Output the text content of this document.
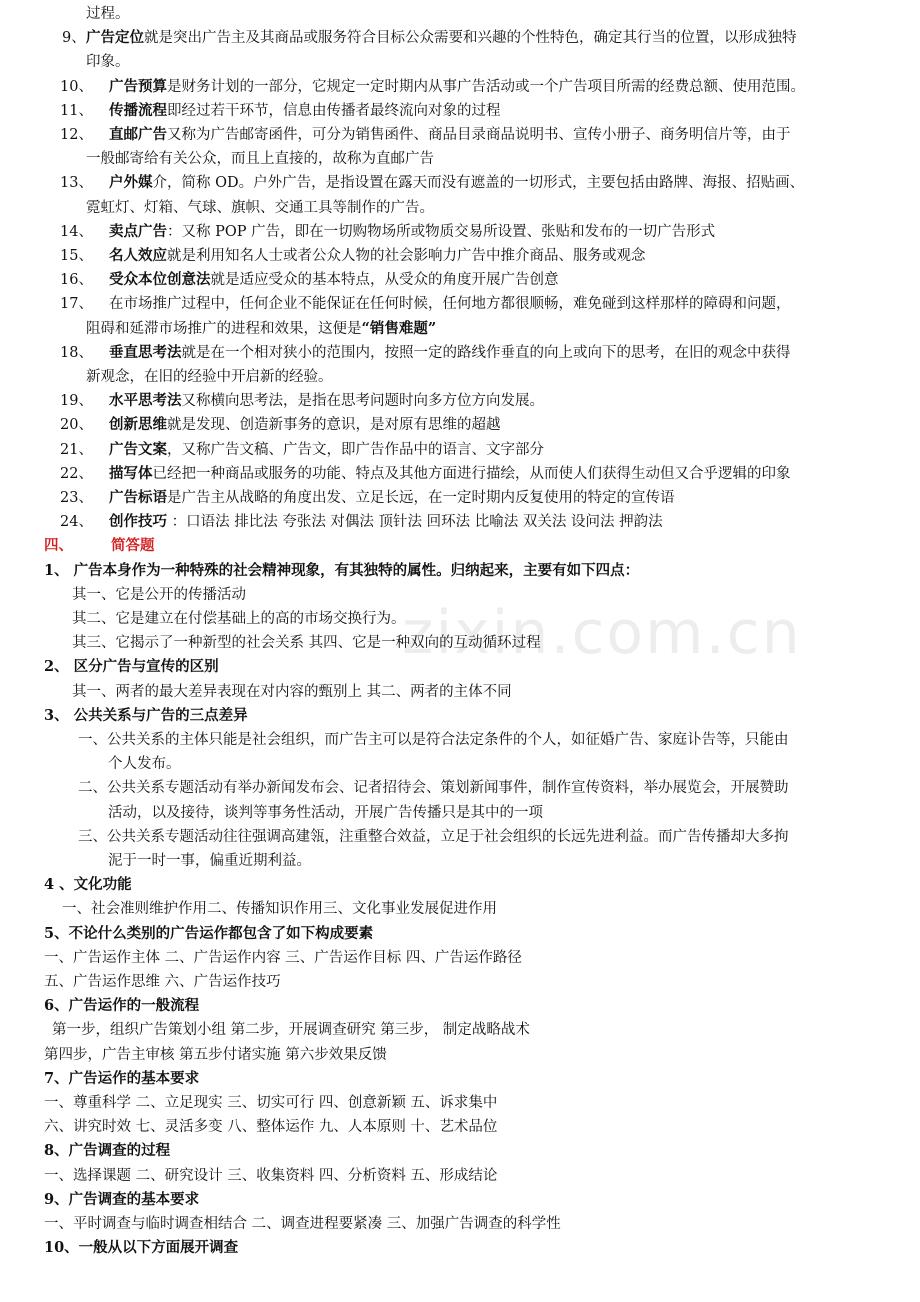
zixin.com.cn
过程。
9、 广告定位就是突出广告主及其商品或服务符合目标公众需要和兴趣的个性特色，确定其行当的位置，以形成独特
印象。
10、 广告预算是财务计划的一部分，它规定一定时期内从事广告活动或一个广告项目所需的经费总额、使用范围。
11、 传播流程即经过若干环节，信息由传播者最终流向对象的过程
12、 直邮广告又称为广告邮寄函件，可分为销售函件、商品目录商品说明书、宣传小册子、商务明信片等，由于
一般邮寄给有关公众，而且上直接的，故称为直邮广告
13、 户外媒介，简称 OD。户外广告，是指设置在露天而没有遮盖的一切形式，主要包括由路牌、海报、招贴画、
霓虹灯、灯箱、气球、旗帜、交通工具等制作的广告。
14、 卖点广告：又称 POP 广告，即在一切购物场所或物质交易所设置、张贴和发布的一切广告形式
15、 名人效应就是利用知名人士或者公众人物的社会影响力广告中推介商品、服务或观念
16、 受众本位创意法就是适应受众的基本特点，从受众的角度开展广告创意
17、 在市场推广过程中，任何企业不能保证在任何时候，任何地方都很顺畅，难免碰到这样那样的障碍和问题，
阻碍和延滞市场推广的进程和效果，这便是“销售难题”
18、 垂直思考法就是在一个相对狭小的范围内，按照一定的路线作垂直的向上或向下的思考，在旧的观念中获得
新观念，在旧的经验中开启新的经验。
19、 水平思考法又称横向思考法，是指在思考问题时向多方位方向发展。
20、 创新思维就是发现、创造新事务的意识，是对原有思维的超越
21、 广告文案，又称广告文稿、广告文，即广告作品中的语言、文字部分
22、 描写体已经把一种商品或服务的功能、特点及其他方面进行描绘，从而使人们获得生动但又合乎逻辑的印象
23、 广告标语是广告主从战略的角度出发、立足长远，在一定时期内反复使用的特定的宣传语
24、 创作技巧 ：口语法 排比法 夸张法 对偶法 顶针法 回环法 比喻法 双关法 设问法 押韵法
四、	简答题
1、 广告本身作为一种特殊的社会精神现象，有其独特的属性。归纳起来，主要有如下四点：
其一、它是公开的传播活动
其二、它是建立在付偿基础上的高的市场交换行为。
其三、它揭示了一种新型的社会关系 其四、它是一种双向的互动循环过程
2、 区分广告与宣传的区别
其一、两者的最大差异表现在对内容的甄别上 其二、两者的主体不同
3、 公共关系与广告的三点差异
一、公共关系的主体只能是社会组织，而广告主可以是符合法定条件的个人，如征婚广告、家庭讣告等，只能由
个人发布。
二、公共关系专题活动有举办新闻发布会、记者招待会、策划新闻事件，制作宣传资料，举办展览会，开展赞助
活动，以及接待，谈判等事务性活动，开展广告传播只是其中的一项
三、公共关系专题活动往往强调高建瓴，注重整合效益，立足于社会组织的长远先进利益。而广告传播却大多拘
泥于一时一事，偏重近期利益。
4 、文化功能
一、社会准则维护作用二、传播知识作用三、文化事业发展促进作用
5、不论什么类别的广告运作都包含了如下构成要素
一、广告运作主体 二、广告运作内容 三、广告运作目标 四、广告运作路径
五、广告运作思维 六、广告运作技巧
6、广告运作的一般流程
第一步，组织广告策划小组 第二步，开展调查研究 第三步， 制定战略战术
第四步，广告主审核 第五步付诸实施 第六步效果反馈
7、广告运作的基本要求
一、尊重科学 二、立足现实 三、切实可行 四、创意新颖 五、诉求集中
六、讲究时效 七、灵活多变 八、整体运作 九、人本原则 十、艺术品位
8、广告调查的过程
一、选择课题 二、研究设计 三、收集资料 四、分析资料 五、形成结论
9、广告调查的基本要求
一、平时调查与临时调查相结合 二、调查进程要紧凑 三、加强广告调查的科学性
10、一般从以下方面展开调查
